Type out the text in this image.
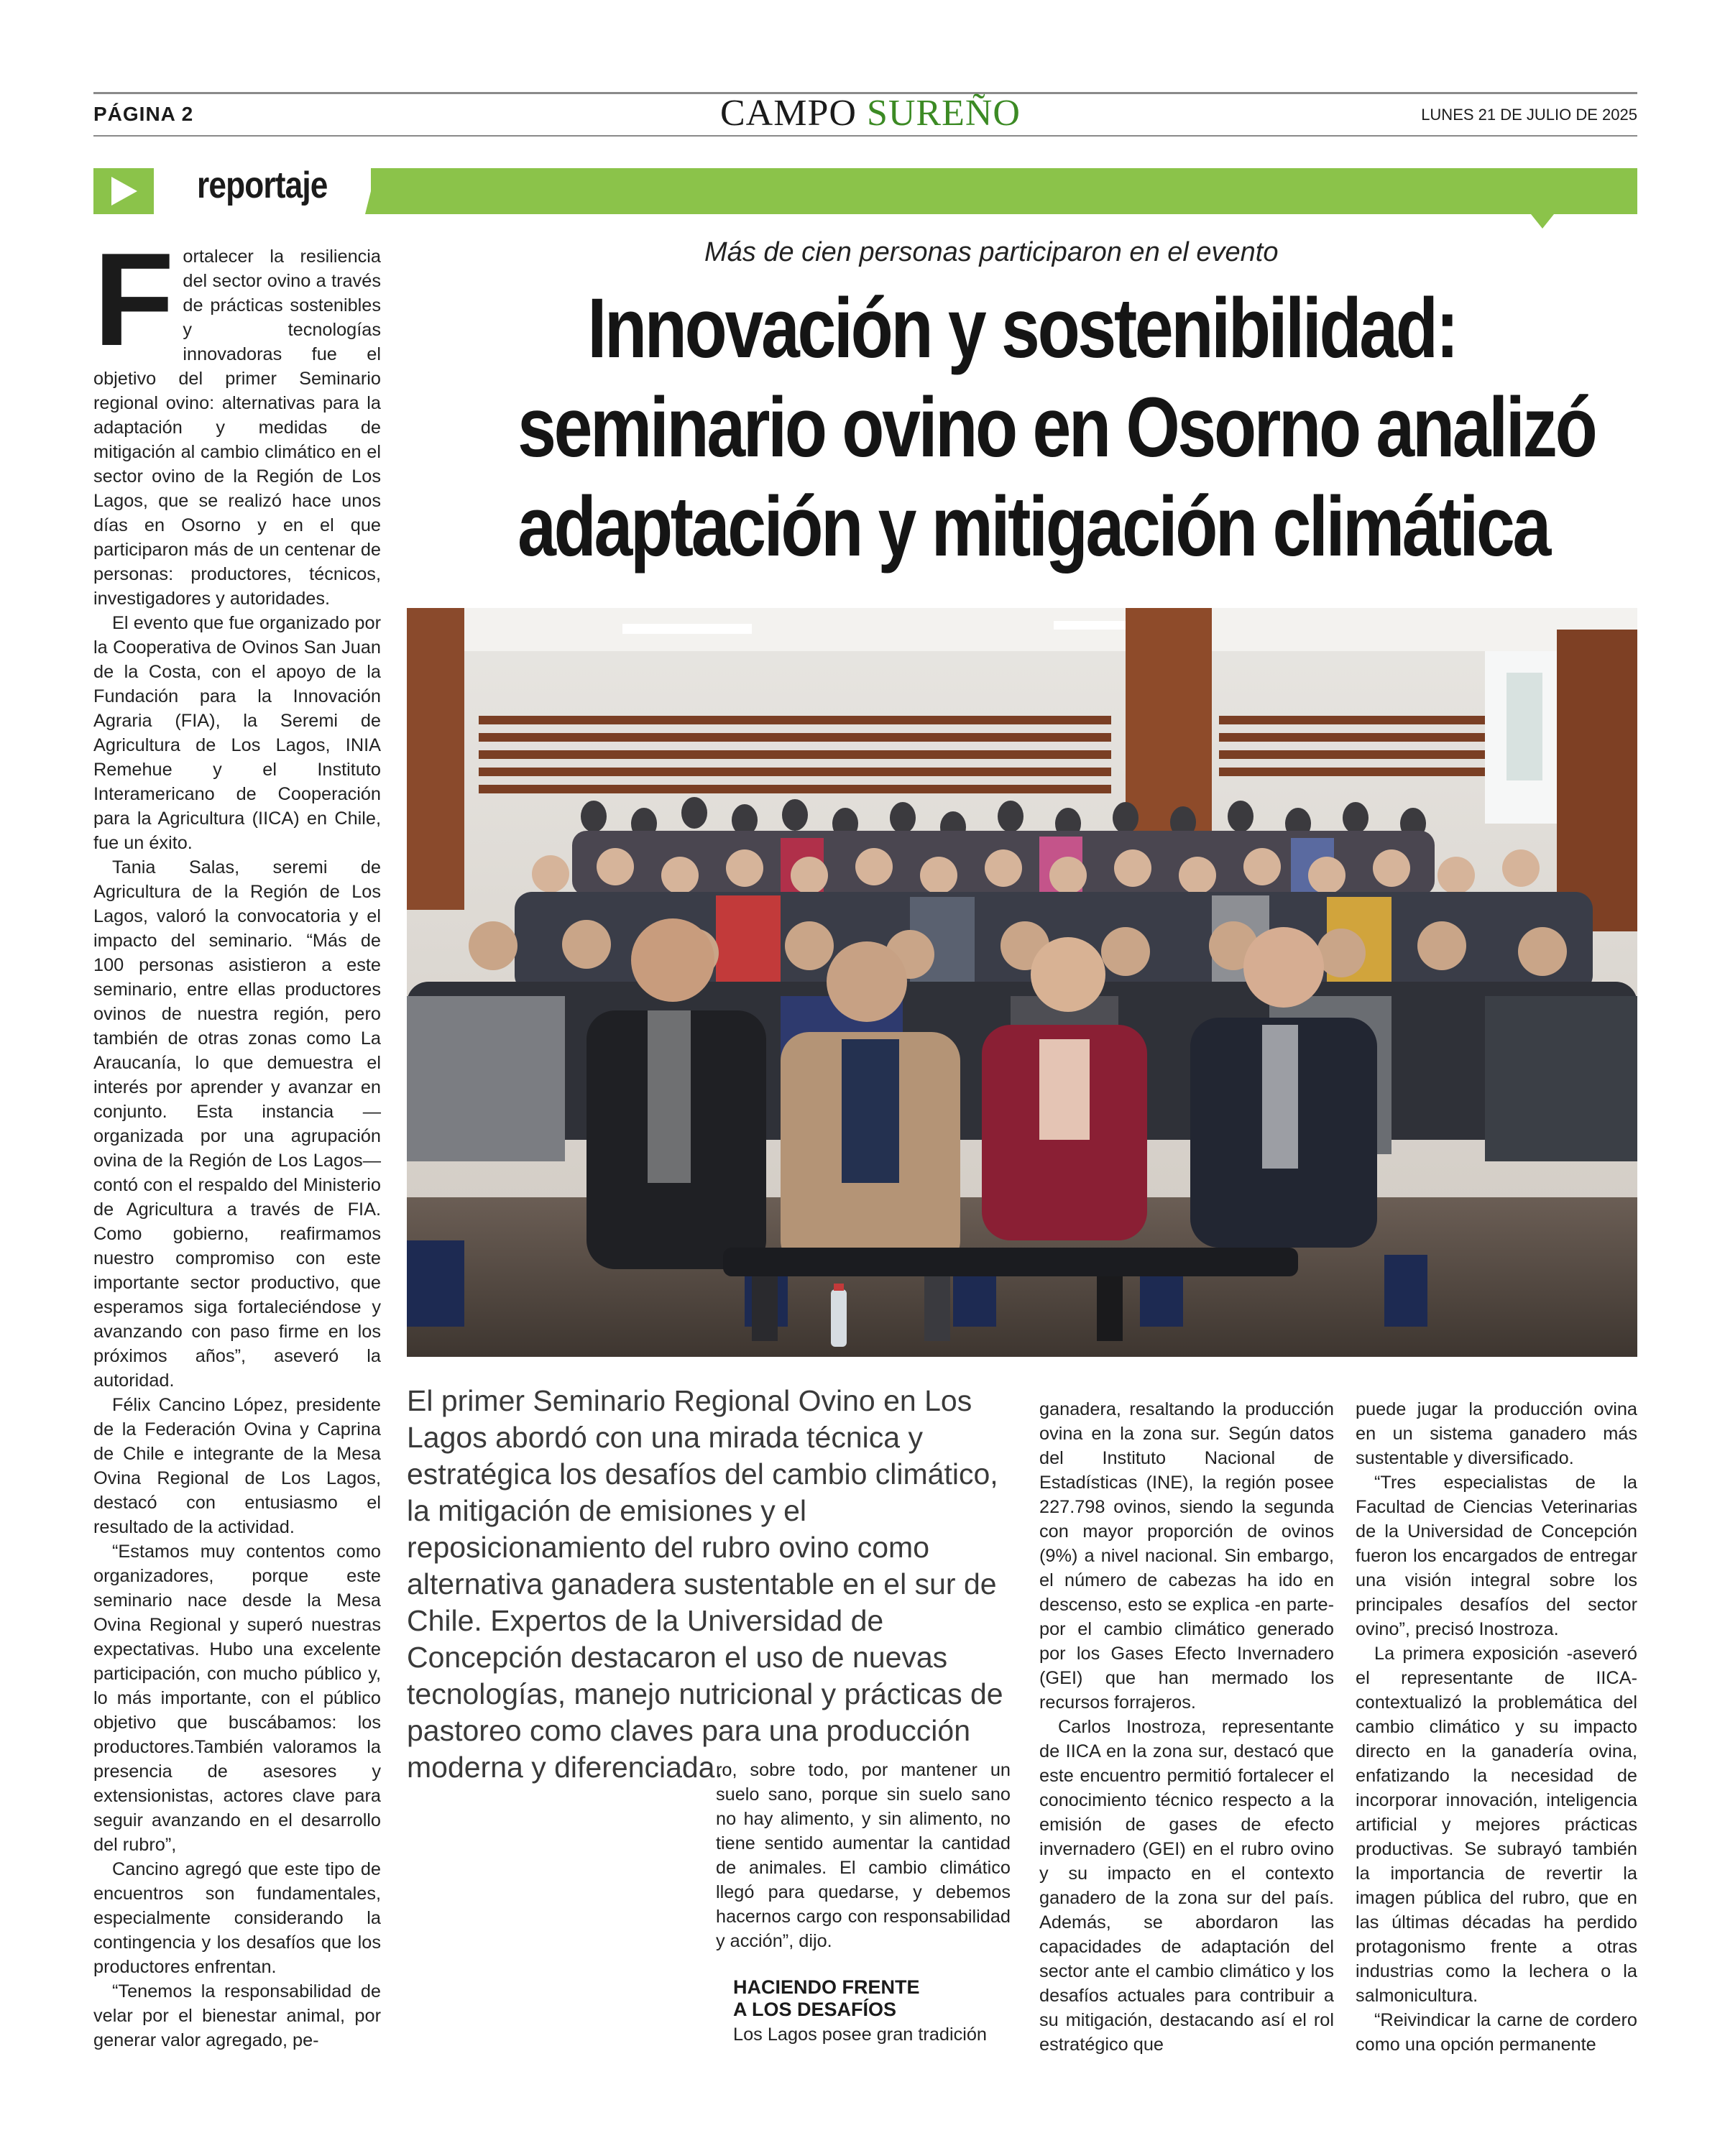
PÁGINA 2	CAMPO SUREÑO	LUNES 21 DE JULIO DE 2025
reportaje
Más de cien personas participaron en el evento
Innovación y sostenibilidad:
seminario ovino en Osorno analizó
adaptación y mitigación climática
F ortalecer la resiliencia del sector ovino a través de prácticas sostenibles y tecnologías innovadoras fue el objetivo del primer Seminario regional ovino: alternativas para la adaptación y medidas de mitigación al cambio climático en el sector ovino de la Región de Los Lagos, que se realizó hace unos días en Osorno y en el que participaron más de un centenar de personas: productores, técnicos, investigadores y autoridades.

El evento que fue organizado por la Cooperativa de Ovinos San Juan de la Costa, con el apoyo de la Fundación para la Innovación Agraria (FIA), la Seremi de Agricultura de Los Lagos, INIA Remehue y el Instituto Interamericano de Cooperación para la Agricultura (IICA) en Chile, fue un éxito.

Tania Salas, seremi de Agricultura de la Región de Los Lagos, valoró la convocatoria y el impacto del seminario. “Más de 100 personas asistieron a este seminario, entre ellas productores ovinos de nuestra región, pero también de otras zonas como La Araucanía, lo que demuestra el interés por aprender y avanzar en conjunto. Esta instancia —organizada por una agrupación ovina de la Región de Los Lagos— contó con el respaldo del Ministerio de Agricultura a través de FIA. Como gobierno, reafirmamos nuestro compromiso con este importante sector productivo, que esperamos siga fortaleciéndose y avanzando con paso firme en los próximos años”, aseveró la autoridad.

Félix Cancino López, presidente de la Federación Ovina y Caprina de Chile e integrante de la Mesa Ovina Regional de Los Lagos, destacó con entusiasmo el resultado de la actividad.

“Estamos muy contentos como organizadores, porque este seminario nace desde la Mesa Ovina Regional y superó nuestras expectativas. Hubo una excelente participación, con mucho público y, lo más importante, con el público objetivo que buscábamos: los productores.También valoramos la presencia de asesores y extensionistas, actores clave para seguir avanzando en el desarrollo del rubro”,

Cancino agregó que este tipo de encuentros son fundamentales, especialmente considerando la contingencia y los desafíos que los productores enfrentan.

“Tenemos la responsabilidad de velar por el bienestar animal, por generar valor agregado, pe-

El primer Seminario Regional Ovino en Los Lagos abordó con una mirada técnica y estratégica los desafíos del cambio climático, la mitigación de emisiones y el reposicionamiento del rubro ovino como alternativa ganadera sustentable en el sur de Chile. Expertos de la Universidad de Concepción destacaron el uso de nuevas tecnologías, manejo nutricional y prácticas de pastoreo como claves para una producción moderna y diferenciada.

ro, sobre todo, por mantener un suelo sano, porque sin suelo sano no hay alimento, y sin alimento, no tiene sentido aumentar la cantidad de animales. El cambio climático llegó para quedarse, y debemos hacernos cargo con responsabilidad y acción”, dijo.

HACIENDO FRENTE
A LOS DESAFÍOS

Los Lagos posee gran tradición

ganadera, resaltando la producción ovina en la zona sur. Según datos del Instituto Nacional de Estadísticas (INE), la región posee 227.798 ovinos, siendo la segunda con mayor proporción de ovinos (9%) a nivel nacional. Sin embargo, el número de cabezas ha ido en descenso, esto se explica -en parte- por el cambio climático generado por los Gases Efecto Invernadero (GEI) que han mermado los recursos forrajeros.

Carlos Inostroza, representante de IICA en la zona sur, destacó que este encuentro permitió fortalecer el conocimiento técnico respecto a la emisión de gases de efecto invernadero (GEI) en el rubro ovino y su impacto en el contexto ganadero de la zona sur del país. Además, se abordaron las capacidades de adaptación del sector ante el cambio climático y los desafíos actuales para contribuir a su mitigación, destacando así el rol estratégico que

puede jugar la producción ovina en un sistema ganadero más sustentable y diversificado.

“Tres especialistas de la Facultad de Ciencias Veterinarias de la Universidad de Concepción fueron los encargados de entregar una visión integral sobre los principales desafíos del sector ovino”, precisó Inostroza.

La primera exposición -aseveró el representante de IICA- contextualizó la problemática del cambio climático y su impacto directo en la ganadería ovina, enfatizando la necesidad de incorporar innovación, inteligencia artificial y mejores prácticas productivas. Se subrayó también la importancia de revertir la imagen pública del rubro, que en las últimas décadas ha perdido protagonismo frente a otras industrias como la lechera o la salmonicultura.

“Reivindicar la carne de cordero como una opción permanente
